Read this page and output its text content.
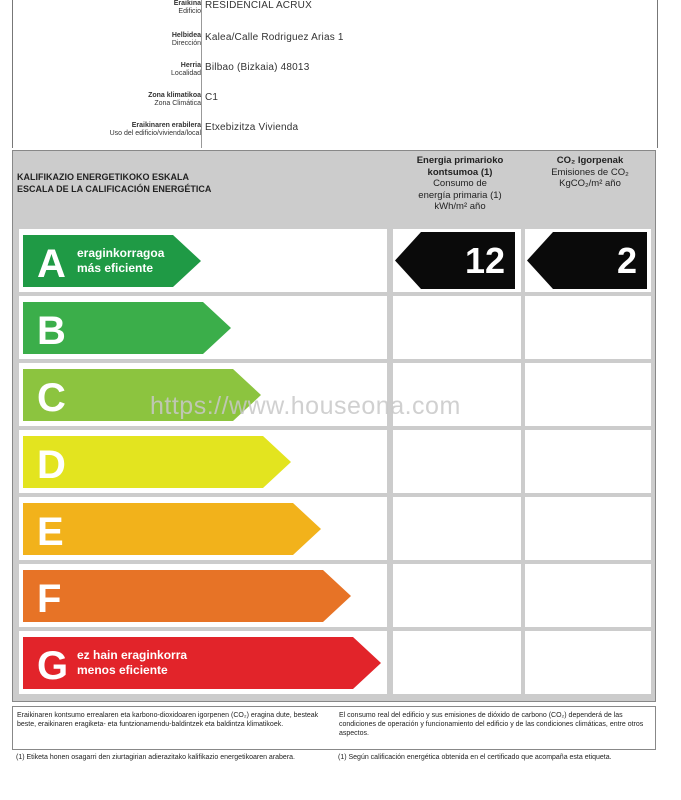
Eraikina
Edificio
RESIDENCIAL ACRUX
Helbidea
Dirección
Kalea/Calle Rodriguez Arias 1
Herria
Localidad
Bilbao (Bizkaia) 48013
Zona klimatikoa
Zona Climática
C1
Eraikinaren erabilera
Uso del edificio/vivienda/local
Etxebizitza Vivienda
KALIFIKAZIO ENERGETIKOKO ESKALA
ESCALA DE LA CALIFICACIÓN ENERGÉTICA
Energia primarioko
kontsumoa (1)
Consumo de
energía primaria (1)
kWh/m² año
CO₂ Igorpenak
Emisiones de CO₂
KgCO₂/m² año
A eraginkorragoa
más eficiente	12	2
B
C
D
E
F
G ez hain eraginkorra
menos eficiente
https://www.houseona.com
Eraikinaren kontsumo errealaren eta karbono-dioxidoaren igorpenen (CO₂) eragina dute, besteak beste, eraikinaren eragiketa- eta funtzionamendu-baldintzek eta baldintza klimatikoek.
El consumo real del edificio y sus emisiones de dióxido de carbono (CO₂) dependerá de las condiciones de operación y funcionamiento del edificio y de las condiciones climáticas, entre otros aspectos.
(1) Etiketa honen osagarri den ziurtagirian adierazitako kalifikazio energetikoaren arabera.	(1) Según calificación energética obtenida en el certificado que acompaña esta etiqueta.
